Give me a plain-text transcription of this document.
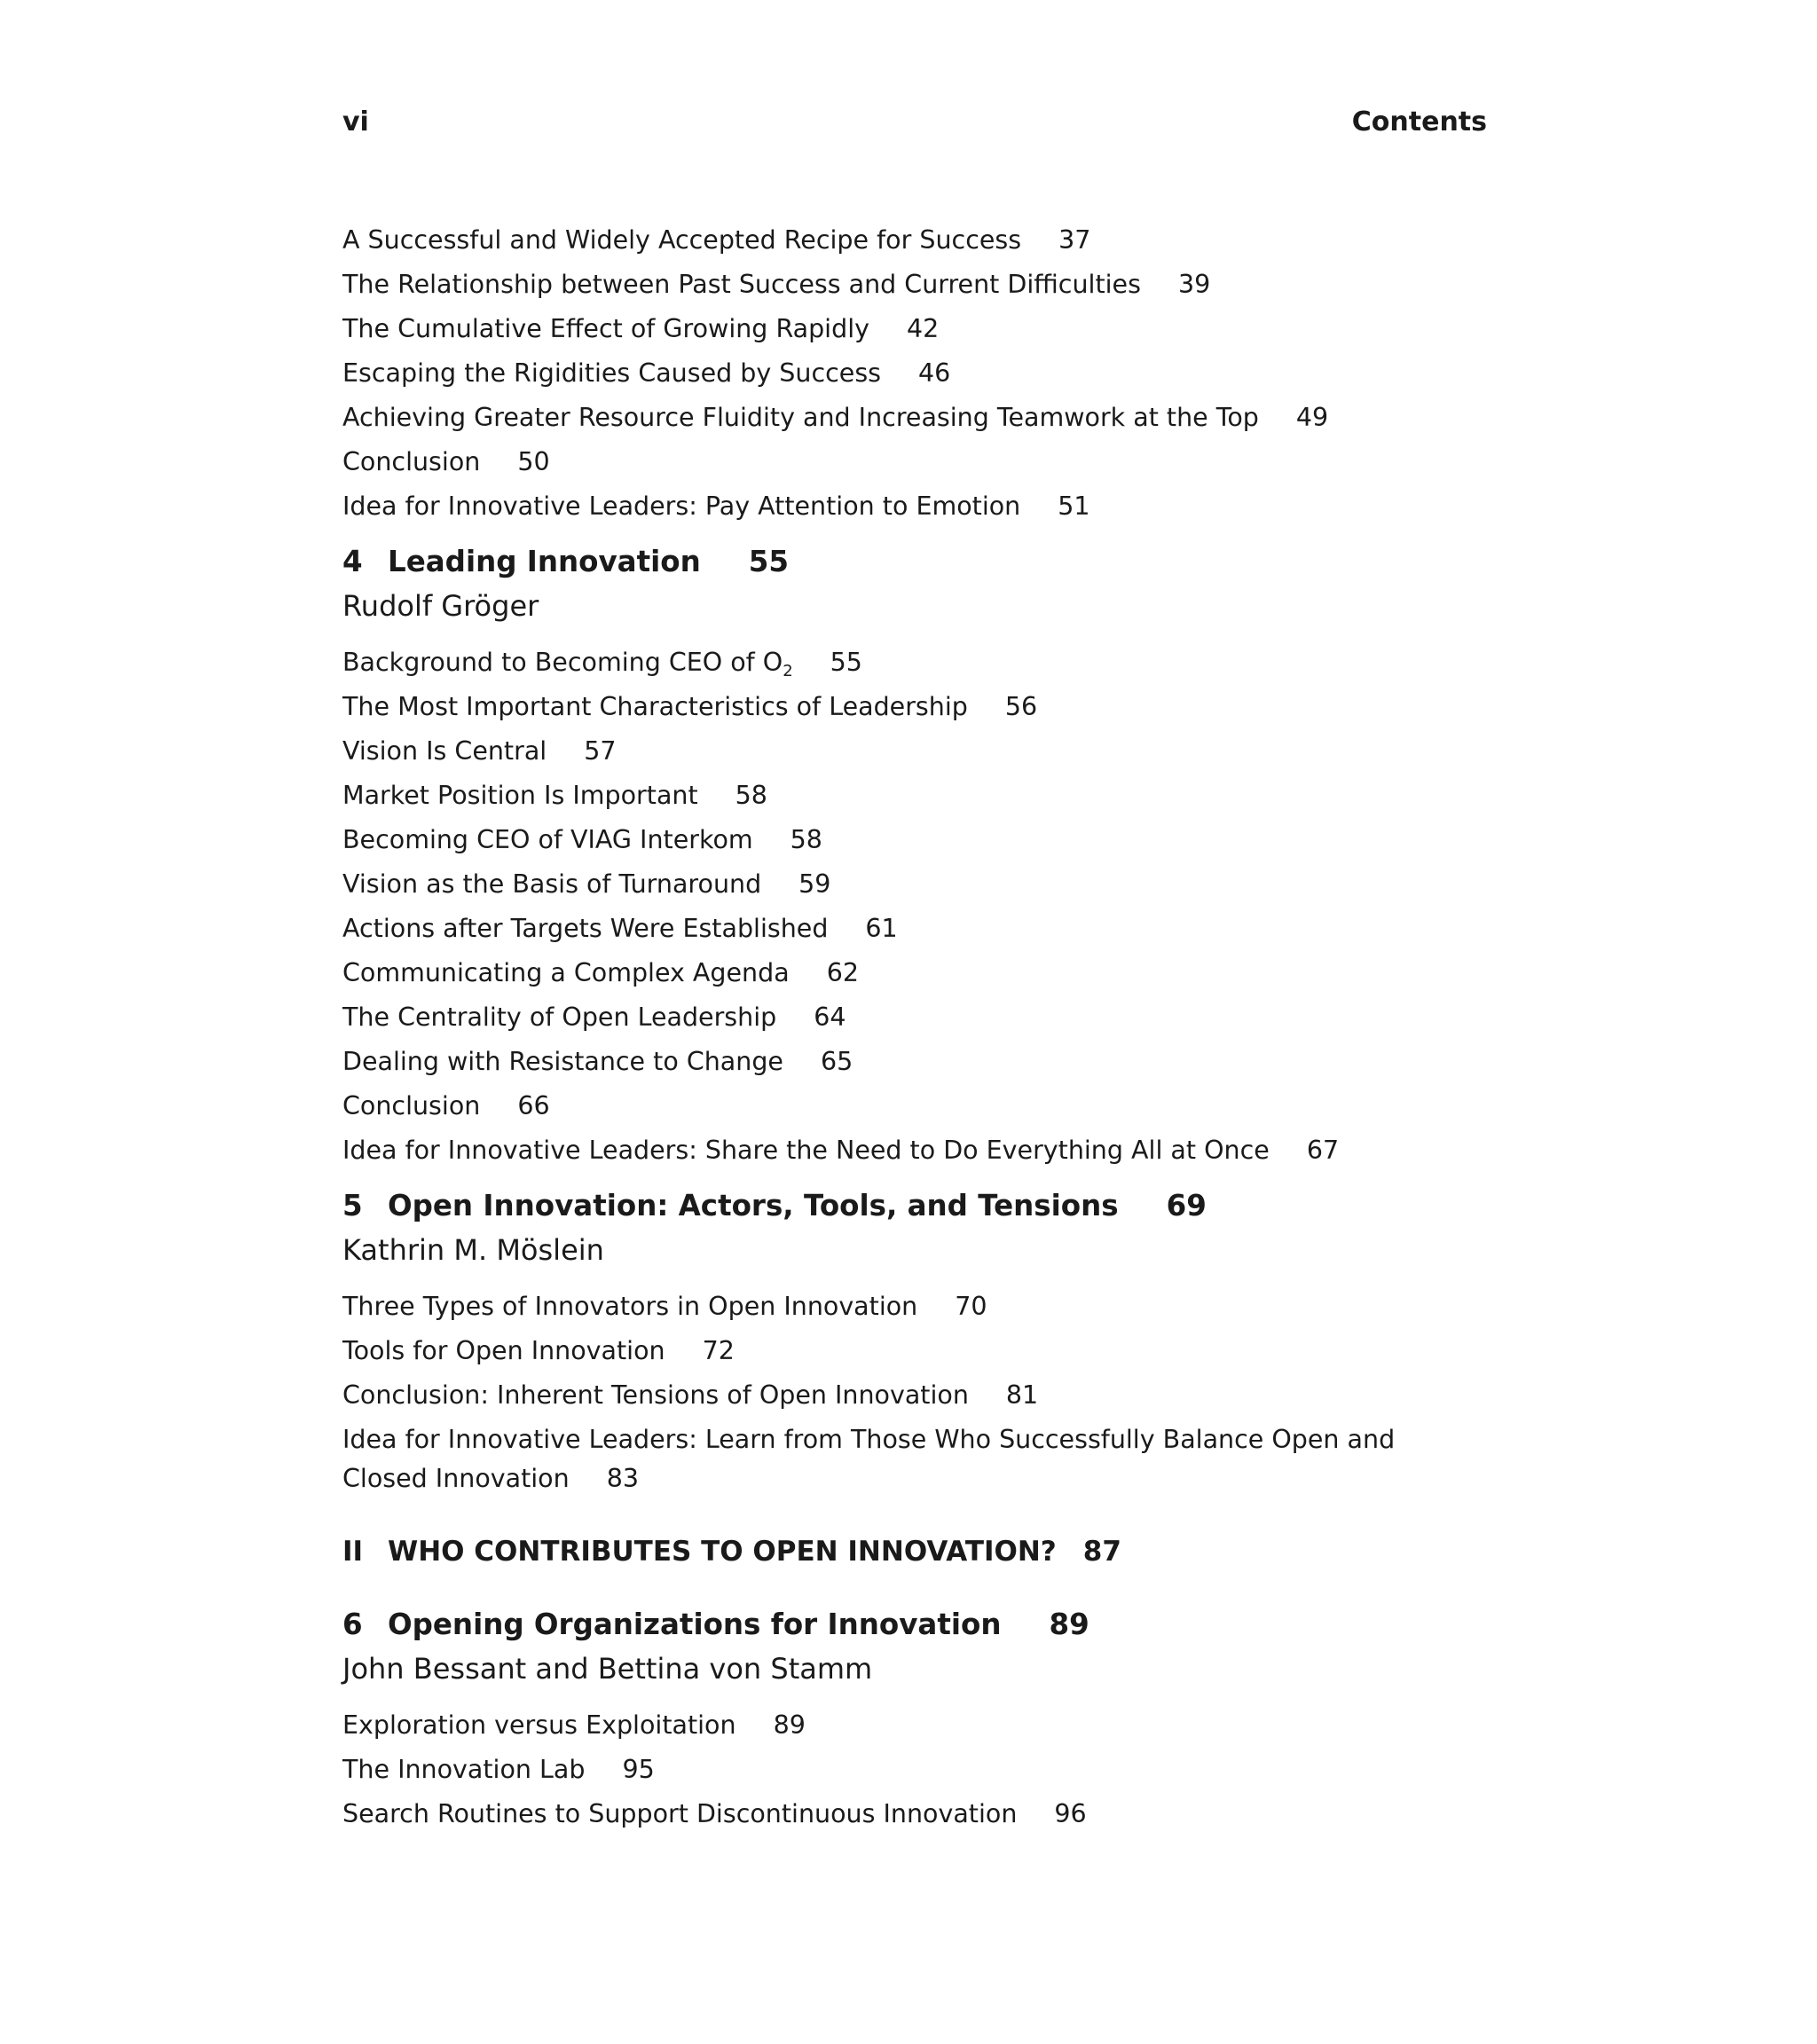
vi	Contents
A Successful and Widely Accepted Recipe for Success 37
The Relationship between Past Success and Current Difficulties 39
The Cumulative Effect of Growing Rapidly 42
Escaping the Rigidities Caused by Success 46
Achieving Greater Resource Fluidity and Increasing Teamwork at the Top 49
Conclusion 50
Idea for Innovative Leaders: Pay Attention to Emotion 51
4 Leading Innovation 55
Rudolf Gröger
Background to Becoming CEO of $O_2$ 55
The Most Important Characteristics of Leadership 56
Vision Is Central 57
Market Position Is Important 58
Becoming CEO of VIAG Interkom 58
Vision as the Basis of Turnaround 59
Actions after Targets Were Established 61
Communicating a Complex Agenda 62
The Centrality of Open Leadership 64
Dealing with Resistance to Change 65
Conclusion 66
Idea for Innovative Leaders: Share the Need to Do Everything All at Once 67
5 Open Innovation: Actors, Tools, and Tensions 69
Kathrin M. Möslein
Three Types of Innovators in Open Innovation 70
Tools for Open Innovation 72
Conclusion: Inherent Tensions of Open Innovation 81
Idea for Innovative Leaders: Learn from Those Who Successfully Balance Open and Closed Innovation 83
II WHO CONTRIBUTES TO OPEN INNOVATION? 87
6 Opening Organizations for Innovation 89
John Bessant and Bettina von Stamm
Exploration versus Exploitation 89
The Innovation Lab 95
Search Routines to Support Discontinuous Innovation 96
